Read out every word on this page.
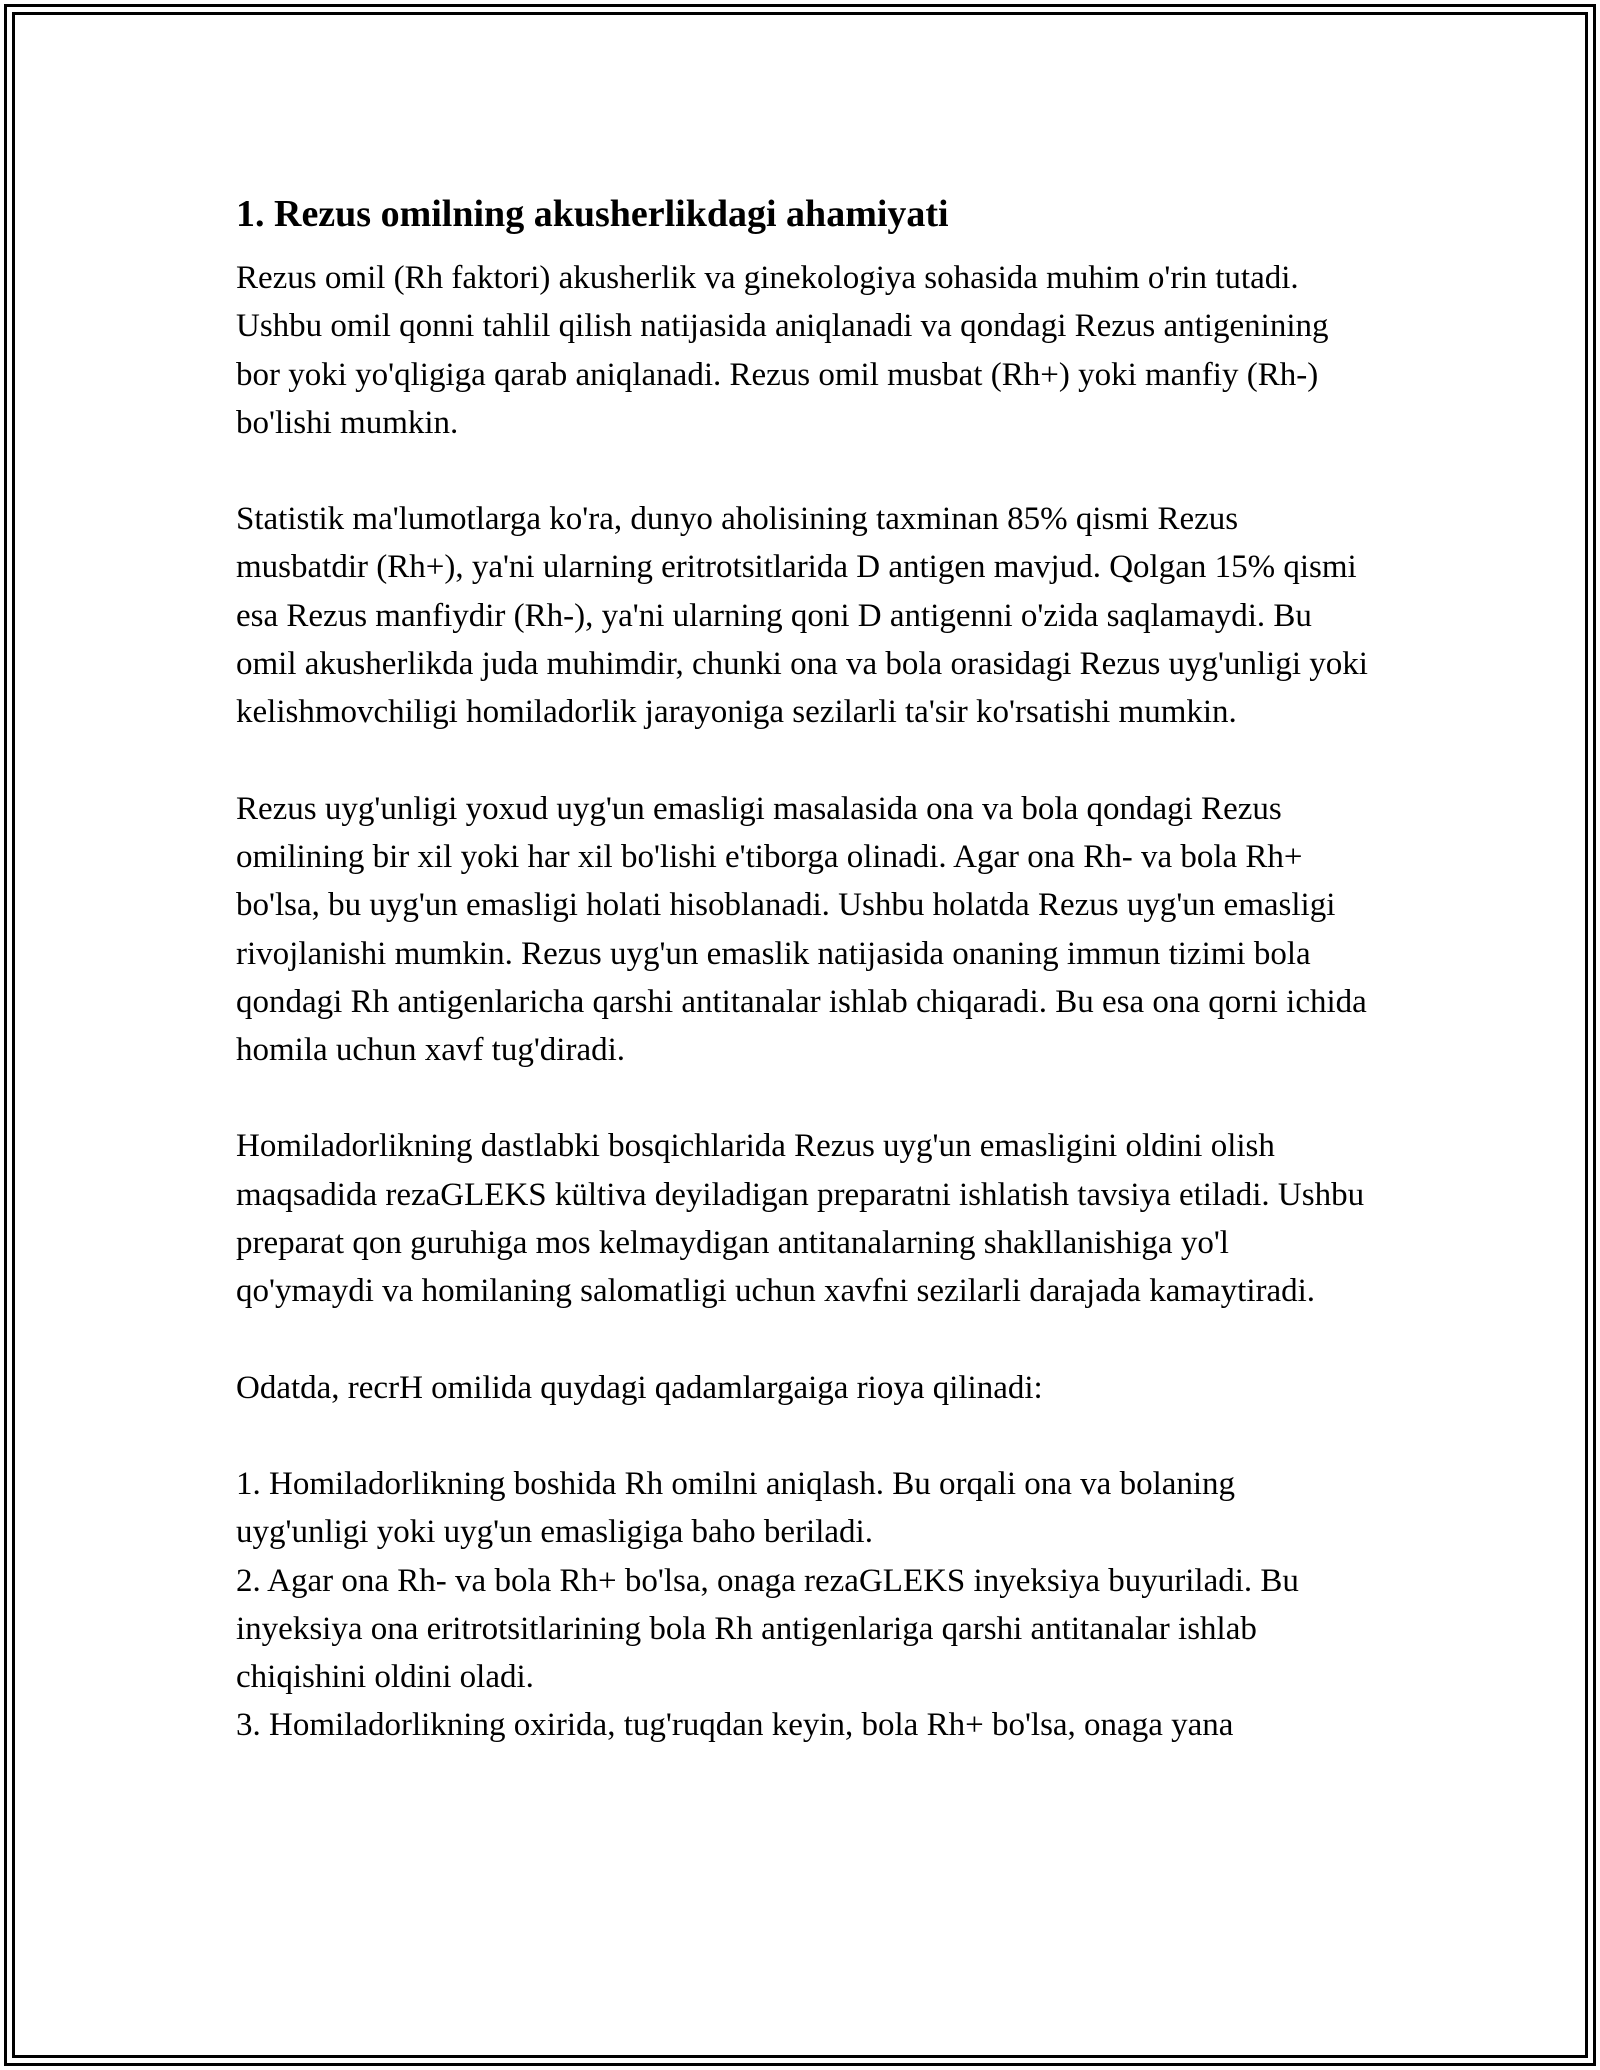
1. Rezus omilning akusherlikdagi ahamiyati

Rezus omil (Rh faktori) akusherlik va ginekologiya sohasida muhim o'rin tutadi. Ushbu omil qonni tahlil qilish natijasida aniqlanadi va qondagi Rezus antigenining bor yoki yo'qligiga qarab aniqlanadi. Rezus omil musbat (Rh+) yoki manfiy (Rh-) bo'lishi mumkin.

Statistik ma'lumotlarga ko'ra, dunyo aholisining taxminan 85% qismi Rezus musbatdir (Rh+), ya'ni ularning eritrotsitlarida D antigen mavjud. Qolgan 15% qismi esa Rezus manfiydir (Rh-), ya'ni ularning qoni D antigenni o'zida saqlamaydi. Bu omil akusherlikda juda muhimdir, chunki ona va bola orasidagi Rezus uyg'unligi yoki kelishmovchiligi homiladorlik jarayoniga sezilarli ta'sir ko'rsatishi mumkin.

Rezus uyg'unligi yoxud uyg'un emasligi masalasida ona va bola qondagi Rezus omilining bir xil yoki har xil bo'lishi e'tiborga olinadi. Agar ona Rh- va bola Rh+ bo'lsa, bu uyg'un emasligi holati hisoblanadi. Ushbu holatda Rezus uyg'un emasligi rivojlanishi mumkin. Rezus uyg'un emaslik natijasida onaning immun tizimi bola qondagi Rh antigenlaricha qarshi antitanalar ishlab chiqaradi. Bu esa ona qorni ichida homila uchun xavf tug'diradi.

Homiladorlikning dastlabki bosqichlarida Rezus uyg'un emasligini oldini olish maqsadida rezaGLEKS kültiva deyiladigan preparatni ishlatish tavsiya etiladi. Ushbu preparat qon guruhiga mos kelmaydigan antitanalarning shakllanishiga yo'l qo'ymaydi va homilaning salomatligi uchun xavfni sezilarli darajada kamaytiradi.

Odatda, recrH omilida quydagi qadamlargaiga rioya qilinadi:

1. Homiladorlikning boshida Rh omilni aniqlash. Bu orqali ona va bolaning uyg'unligi yoki uyg'un emasligiga baho beriladi.
2. Agar ona Rh- va bola Rh+ bo'lsa, onaga rezaGLEKS inyeksiya buyuriladi. Bu inyeksiya ona eritrotsitlarining bola Rh antigenlariga qarshi antitanalar ishlab chiqishini oldini oladi.
3. Homiladorlikning oxirida, tug'ruqdan keyin, bola Rh+ bo'lsa, onaga yana
